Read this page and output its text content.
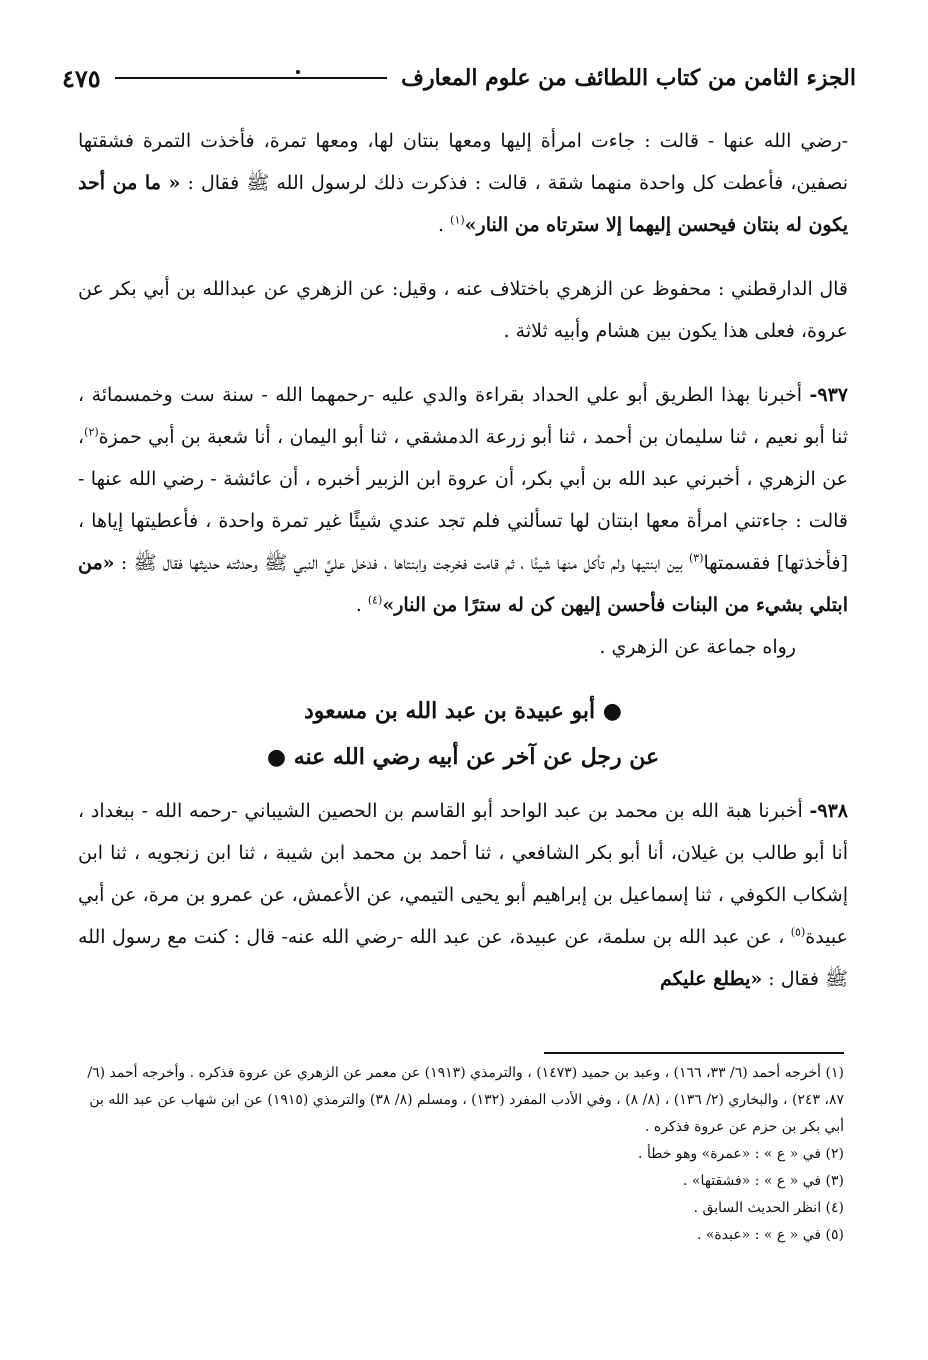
الجزء الثامن من كتاب اللطائف من علوم المعارف
٤٧٥

-رضي الله عنها - قالت : جاءت امرأة إليها ومعها بنتان لها، ومعها تمرة، فأخذت التمرة فشقتها نصفين، فأعطت كل واحدة منهما شقة ، قالت : فذكرت ذلك لرسول الله ﷺ فقال : « ما من أحد يكون له بنتان فيحسن إليهما إلا سترتاه من النار»$^{(١)}$ .

قال الدارقطني : محفوظ عن الزهري باختلاف عنه ، وقيل: عن الزهري عن عبدالله بن أبي بكر عن عروة، فعلى هذا يكون بين هشام وأبيه ثلاثة .

٩٣٧- أخبرنا بهذا الطريق أبو علي الحداد بقراءة والدي عليه -رحمهما الله - سنة ست وخمسمائة ، ثنا أبو نعيم ، ثنا سليمان بن أحمد ، ثنا أبو زرعة الدمشقي ، ثنا أبو اليمان ، أنا شعبة بن أبي حمزة$^{(٢)}$، عن الزهري ، أخبرني عبد الله بن أبي بكر، أن عروة ابن الزبير أخبره ، أن عائشة - رضي الله عنها - قالت : جاءتني امرأة معها ابنتان لها تسألني فلم تجد عندي شيئًا غير تمرة واحدة ، فأعطيتها إياها ، [فأخذتها] فقسمتها$^{(٣)}$ بين ابنتيها ولم تأكل منها شيئًا ، ثم قامت فخرجت وابنتاها ، فدخل عليَّ النبي ﷺ وحدثته حديثها فقال ﷺ : «من ابتلي بشيء من البنات فأحسن إليهن كن له سترًا من النار»$^{(٤)}$ .

رواه جماعة عن الزهري .

● أبو عبيدة بن عبد الله بن مسعود

عن رجل عن آخر عن أبيه رضي الله عنه ●

٩٣٨- أخبرنا هبة الله بن محمد بن عبد الواحد أبو القاسم بن الحصين الشيباني -رحمه الله - ببغداد ، أنا أبو طالب بن غيلان، أنا أبو بكر الشافعي ، ثنا أحمد بن محمد ابن شيبة ، ثنا ابن زنجويه ، ثنا ابن إشكاب الكوفي ، ثنا إسماعيل بن إبراهيم أبو يحيى التيمي، عن الأعمش، عن عمرو بن مرة، عن أبي عبيدة$^{(٥)}$ ، عن عبد الله بن سلمة، عن عبيدة، عن عبد الله -رضي الله عنه- قال : كنت مع رسول الله ﷺ فقال : «يطلع عليكم

(١) أخرجه أحمد (٦/ ٣٣، ١٦٦) ، وعبد بن حميد (١٤٧٣) ، والترمذي (١٩١٣) عن معمر عن الزهري عن عروة فذكره . وأخرجه أحمد (٦/ ٨٧، ٢٤٣) ، والبخاري (٢/ ١٣٦) ، (٨/ ٨) ، وفي الأدب المفرد (١٣٢) ، ومسلم (٨/ ٣٨) والترمذي (١٩١٥) عن ابن شهاب عن عبد الله بن أبي بكر بن حزم عن عروة فذكره .

(٢) في « ع » : «عمرة» وهو خطأ .

(٣) في « ع » : «فشقتها» .

(٤) انظر الحديث السابق .

(٥) في « ع » : «عبدة» .
